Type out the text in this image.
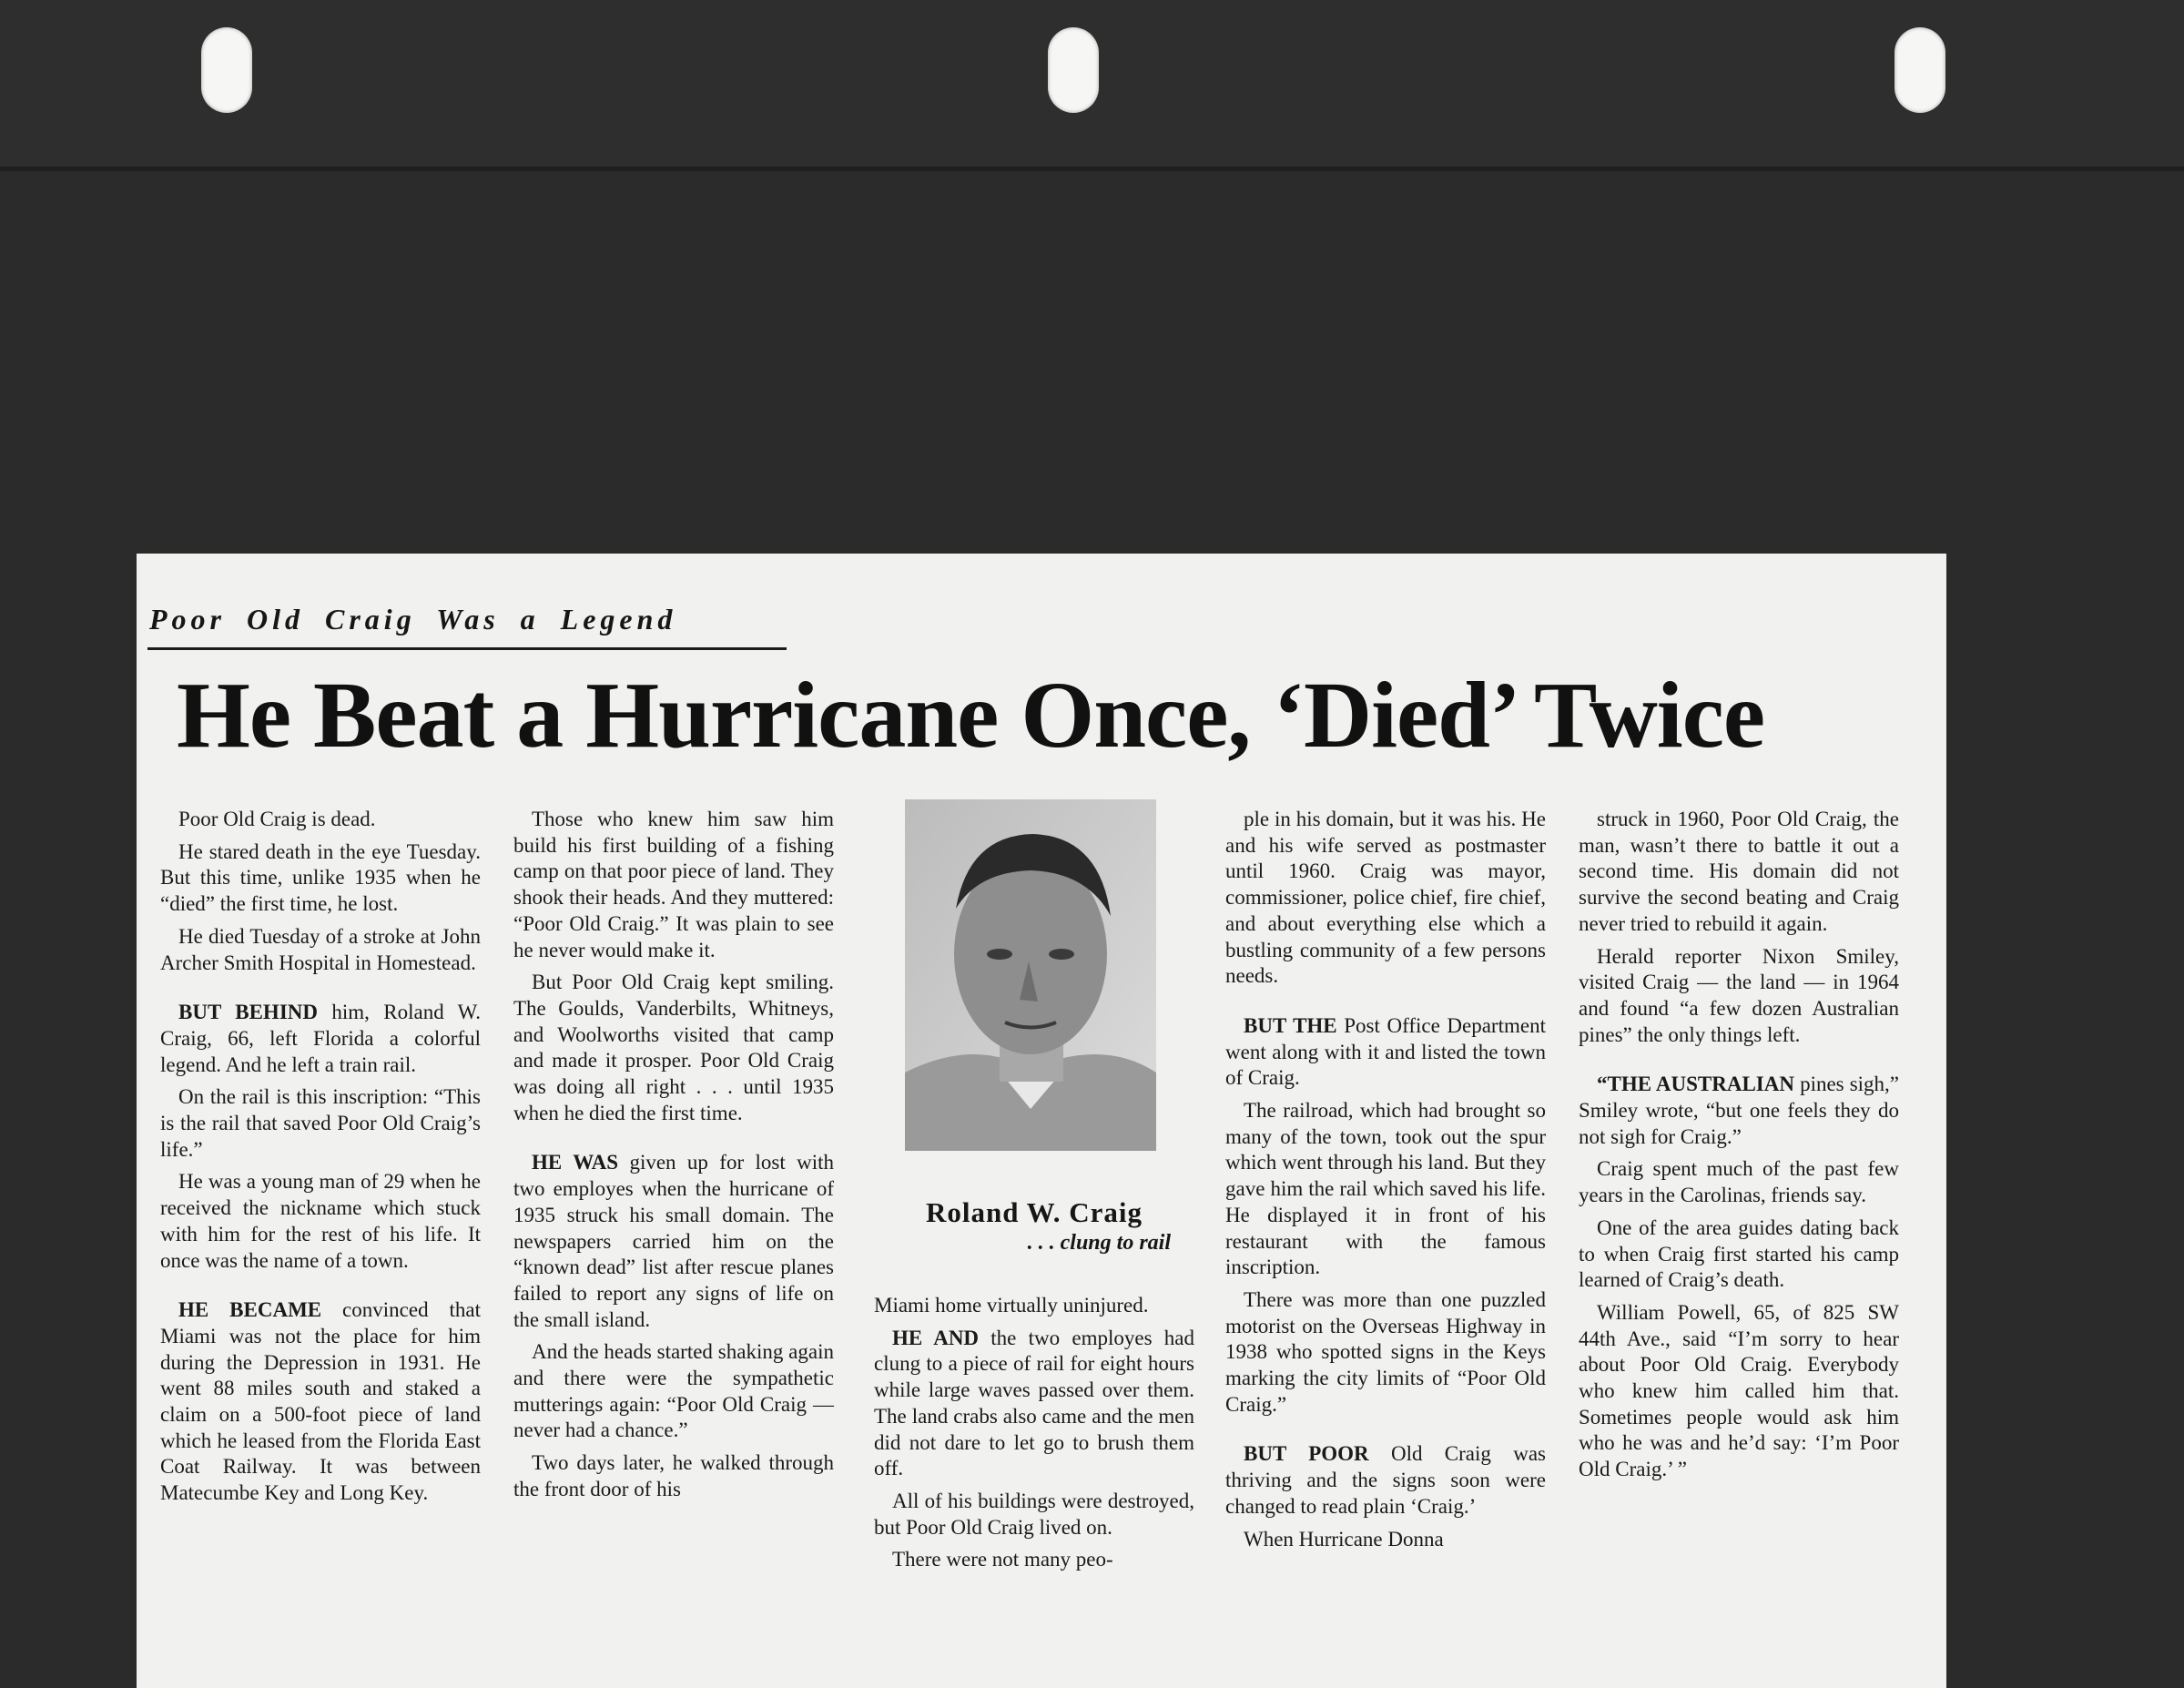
Poor Old Craig Was a Legend
He Beat a Hurricane Once, ‘Died’ Twice

Poor Old Craig is dead.

He stared death in the eye Tuesday. But this time, unlike 1935 when he “died” the first time, he lost.

He died Tuesday of a stroke at John Archer Smith Hospital in Homestead.

BUT BEHIND him, Roland W. Craig, 66, left Florida a colorful legend. And he left a train rail.

On the rail is this inscription: “This is the rail that saved Poor Old Craig’s life.”

He was a young man of 29 when he received the nickname which stuck with him for the rest of his life. It once was the name of a town.

HE BECAME convinced that Miami was not the place for him during the Depression in 1931. He went 88 miles south and staked a claim on a 500-foot piece of land which he leased from the Florida East Coat Railway. It was between Matecumbe Key and Long Key.

Those who knew him saw him build his first building of a fishing camp on that poor piece of land. They shook their heads. And they muttered: “Poor Old Craig.” It was plain to see he never would make it.

But Poor Old Craig kept smiling. The Goulds, Vanderbilts, Whitneys, and Woolworths visited that camp and made it prosper. Poor Old Craig was doing all right . . . until 1935 when he died the first time.

HE WAS given up for lost with two employes when the hurricane of 1935 struck his small domain. The newspapers carried him on the “known dead” list after rescue planes failed to report any signs of life on the small island.

And the heads started shaking again and there were the sympathetic mutterings again: “Poor Old Craig — never had a chance.”

Two days later, he walked through the front door of his

Roland W. Craig
. . . clung to rail

Miami home virtually uninjured.

HE AND the two employes had clung to a piece of rail for eight hours while large waves passed over them. The land crabs also came and the men did not dare to let go to brush them off.

All of his buildings were destroyed, but Poor Old Craig lived on.

There were not many peo-

ple in his domain, but it was his. He and his wife served as postmaster until 1960. Craig was mayor, commissioner, police chief, fire chief, and about everything else which a bustling community of a few persons needs.

BUT THE Post Office Department went along with it and listed the town of Craig.

The railroad, which had brought so many of the town, took out the spur which went through his land. But they gave him the rail which saved his life. He displayed it in front of his restaurant with the famous inscription.

There was more than one puzzled motorist on the Overseas Highway in 1938 who spotted signs in the Keys marking the city limits of “Poor Old Craig.”

BUT POOR Old Craig was thriving and the signs soon were changed to read plain ‘Craig.’

When Hurricane Donna

struck in 1960, Poor Old Craig, the man, wasn’t there to battle it out a second time. His domain did not survive the second beating and Craig never tried to rebuild it again.

Herald reporter Nixon Smiley, visited Craig — the land — in 1964 and found “a few dozen Australian pines” the only things left.

“THE AUSTRALIAN pines sigh,” Smiley wrote, “but one feels they do not sigh for Craig.”

Craig spent much of the past few years in the Carolinas, friends say.

One of the area guides dating back to when Craig first started his camp learned of Craig’s death.

William Powell, 65, of 825 SW 44th Ave., said “I’m sorry to hear about Poor Old Craig. Everybody who knew him called him that. Sometimes people would ask him who he was and he’d say: ‘I’m Poor Old Craig.’ ”
